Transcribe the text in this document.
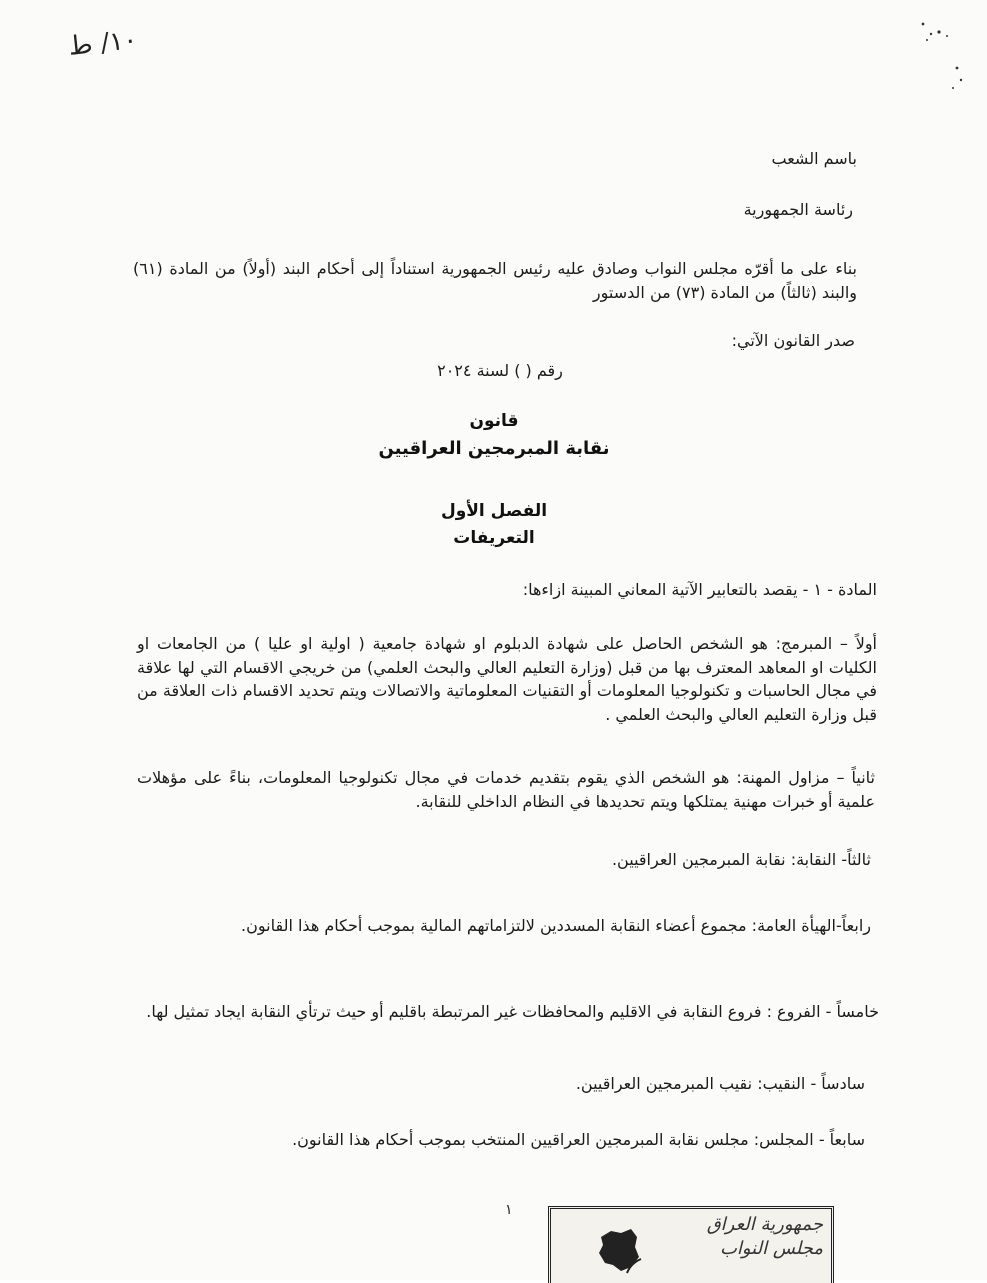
١٠/ ط
باسم الشعب
رئاسة الجمهورية
بناء على ما أقرّه مجلس النواب وصادق عليه رئيس الجمهورية استناداً إلى أحكام البند (أولاً) من المادة (٦١) والبند (ثالثاً) من المادة (٧٣) من الدستور
صدر القانون الآتي:
رقم ( ) لسنة ٢٠٢٤
قانون
نقابة المبرمجين العراقيين
الفصل الأول
التعريفات
المادة - ١ - يقصد بالتعابير الآتية المعاني المبينة ازاءها:
أولاً – المبرمج: هو الشخص الحاصل على شهادة الدبلوم او شهادة جامعية ( اولية او عليا ) من الجامعات او الكليات او المعاهد المعترف بها من قبل (وزارة التعليم العالي والبحث العلمي) من خريجي الاقسام التي لها علاقة في مجال الحاسبات و تكنولوجيا المعلومات أو التقنيات المعلوماتية والاتصالات ويتم تحديد الاقسام ذات العلاقة من قبل وزارة التعليم العالي والبحث العلمي .
ثانياً – مزاول المهنة: هو الشخص الذي يقوم بتقديم خدمات في مجال تكنولوجيا المعلومات، بناءً على مؤهلات علمية أو خبرات مهنية يمتلكها ويتم تحديدها في النظام الداخلي للنقابة.
ثالثاً- النقابة: نقابة المبرمجين العراقيين.
رابعاً-الهيأة العامة: مجموع أعضاء النقابة المسددين لالتزاماتهم المالية بموجب أحكام هذا القانون.
خامساً - الفروع : فروع النقابة في الاقليم والمحافظات غير المرتبطة باقليم أو حيث ترتأي النقابة ايجاد تمثيل لها.
سادساً - النقيب: نقيب المبرمجين العراقيين.
سابعاً - المجلس: مجلس نقابة المبرمجين العراقيين المنتخب بموجب أحكام هذا القانون.
١
جمهورية العراق
مجلس النواب
